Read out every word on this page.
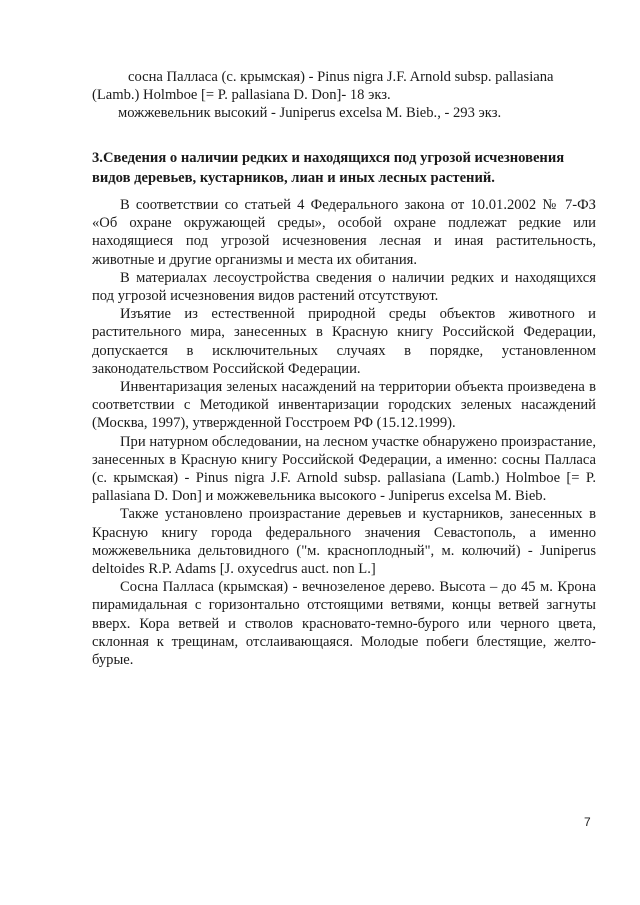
сосна Палласа (с. крымская) - Pinus nigra J.F. Arnold subsp. pallasiana

(Lamb.) Holmboe [= P. pallasiana D. Don]- 18 экз.

можжевельник высокий - Juniperus excelsa M. Bieb., - 293 экз.

3.Сведения о наличии редких и находящихся под угрозой исчезновения видов деревьев, кустарников, лиан и иных лесных растений.

В соответствии со статьей 4 Федерального закона от 10.01.2002 № 7-ФЗ «Об охране окружающей среды», особой охране подлежат редкие или находящиеся под угрозой исчезновения лесная и иная растительность, животные и другие организмы и места их обитания.

В материалах лесоустройства сведения о наличии редких и находящихся под угрозой исчезновения видов растений отсутствуют.

Изъятие из естественной природной среды объектов животного и растительного мира, занесенных в Красную книгу Российской Федерации, допускается в исключительных случаях в порядке, установленном законодательством Российской Федерации.

Инвентаризация зеленых насаждений на территории объекта произведена в соответствии с Методикой инвентаризации городских зеленых насаждений (Москва, 1997), утвержденной Госстроем РФ (15.12.1999).

При натурном обследовании, на лесном участке обнаружено произрастание, занесенных в Красную книгу Российской Федерации, а именно: сосны Палласа (с. крымская) - Pinus nigra J.F. Arnold subsp. pallasiana (Lamb.) Holmboe [= P. pallasiana D. Don] и можжевельника высокого - Juniperus excelsa M. Bieb.

Также установлено произрастание деревьев и кустарников, занесенных в Красную книгу города федерального значения Севастополь, а именно можжевельника дельтовидного ("м. красноплодный", м. колючий) - Juniperus deltoides R.P. Adams [J. oxycedrus auct. non L.]

Сосна Палласа (крымская) - вечнозеленое дерево. Высота – до 45 м. Крона пирамидальная с горизонтально отстоящими ветвями, концы ветвей загнуты вверх. Кора ветвей и стволов красновато-темно-бурого или черного цвета, склонная к трещинам, отслаивающаяся. Молодые побеги блестящие, желто-бурые.

7
